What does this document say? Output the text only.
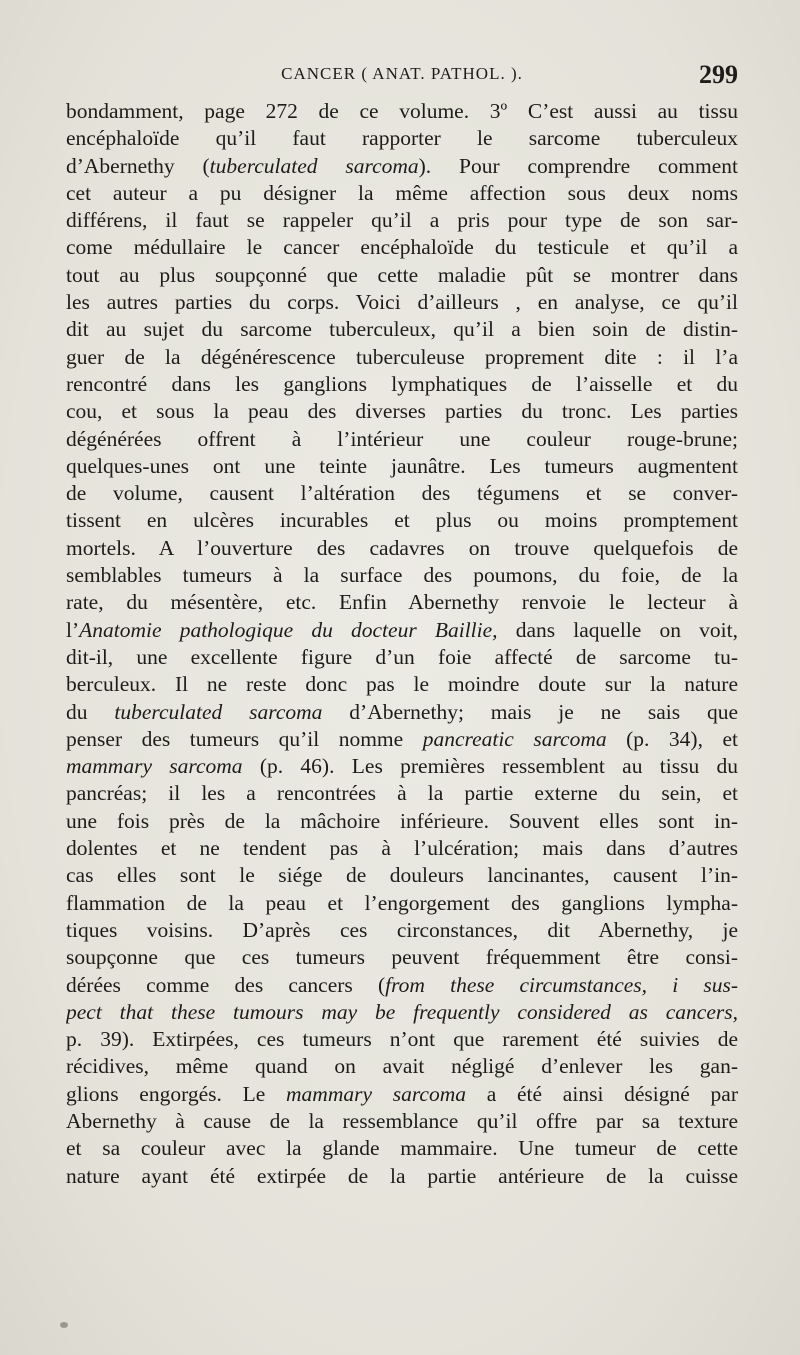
CANCER ( ANAT. PATHOL. ).	299
bondamment, page 272 de ce volume. 3º C’est aussi au tissu
encéphaloïde qu’il faut rapporter le sarcome tuberculeux
d’Abernethy (tuberculated sarcoma). Pour comprendre comment
cet auteur a pu désigner la même affection sous deux noms
différens, il faut se rappeler qu’il a pris pour type de son sar-
come médullaire le cancer encéphaloïde du testicule et qu’il a
tout au plus soupçonné que cette maladie pût se montrer dans
les autres parties du corps. Voici d’ailleurs , en analyse, ce qu’il
dit au sujet du sarcome tuberculeux, qu’il a bien soin de distin-
guer de la dégénérescence tuberculeuse proprement dite : il l’a
rencontré dans les ganglions lymphatiques de l’aisselle et du
cou, et sous la peau des diverses parties du tronc. Les parties
dégénérées offrent à l’intérieur une couleur rouge-brune;
quelques-unes ont une teinte jaunâtre. Les tumeurs augmentent
de volume, causent l’altération des tégumens et se conver-
tissent en ulcères incurables et plus ou moins promptement
mortels. A l’ouverture des cadavres on trouve quelquefois de
semblables tumeurs à la surface des poumons, du foie, de la
rate, du mésentère, etc. Enfin Abernethy renvoie le lecteur à
l’Anatomie pathologique du docteur Baillie, dans laquelle on voit,
dit-il, une excellente figure d’un foie affecté de sarcome tu-
berculeux. Il ne reste donc pas le moindre doute sur la nature
du tuberculated sarcoma d’Abernethy; mais je ne sais que
penser des tumeurs qu’il nomme pancreatic sarcoma (p. 34), et
mammary sarcoma (p. 46). Les premières ressemblent au tissu du
pancréas; il les a rencontrées à la partie externe du sein, et
une fois près de la mâchoire inférieure. Souvent elles sont in-
dolentes et ne tendent pas à l’ulcération; mais dans d’autres
cas elles sont le siége de douleurs lancinantes, causent l’in-
flammation de la peau et l’engorgement des ganglions lympha-
tiques voisins. D’après ces circonstances, dit Abernethy, je
soupçonne que ces tumeurs peuvent fréquemment être consi-
dérées comme des cancers (from these circumstances, i sus-
pect that these tumours may be frequently considered as cancers,
p. 39). Extirpées, ces tumeurs n’ont que rarement été suivies de
récidives, même quand on avait négligé d’enlever les gan-
glions engorgés. Le mammary sarcoma a été ainsi désigné par
Abernethy à cause de la ressemblance qu’il offre par sa texture
et sa couleur avec la glande mammaire. Une tumeur de cette
nature ayant été extirpée de la partie antérieure de la cuisse
